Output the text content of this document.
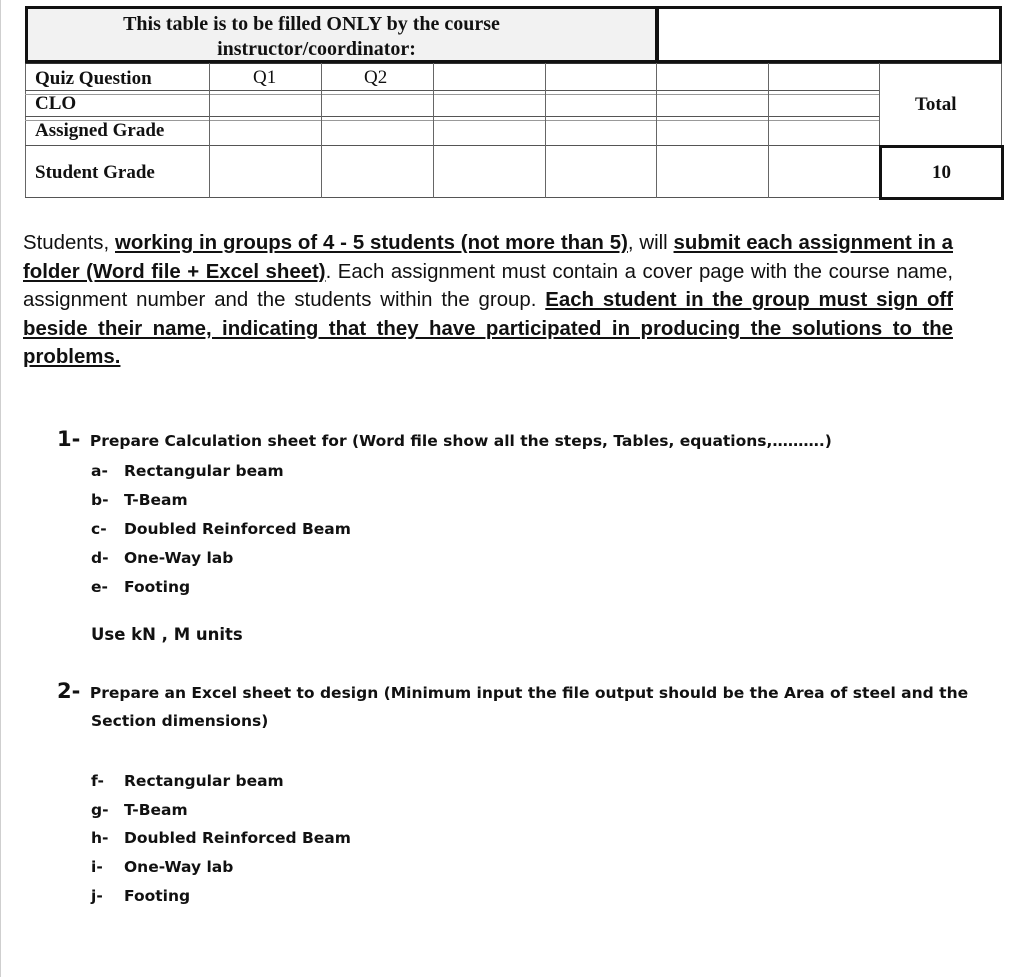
This table is to be filled ONLY by the course
instructor/coordinator:
Quiz Question
CLO
Assigned Grade
Student Grade
Q1	Q2
Total
10
Students, working in groups of 4 - 5 students (not more than 5), will submit each assignment in a folder (Word file + Excel sheet). Each assignment must contain a cover page with the course name, assignment number and the students within the group. Each student in the group must sign off beside their name, indicating that they have participated in producing the solutions to the problems.
1- Prepare Calculation sheet for (Word file show all the steps, Tables, equations,……….)
a- Rectangular beam
b- T-Beam
c- Doubled Reinforced Beam
d- One-Way lab
e- Footing
Use kN , M units
2- Prepare an Excel sheet to design (Minimum input the file output should be the Area of steel and the
Section dimensions)
f- Rectangular beam
g- T-Beam
h- Doubled Reinforced Beam
i- One-Way lab
j- Footing
